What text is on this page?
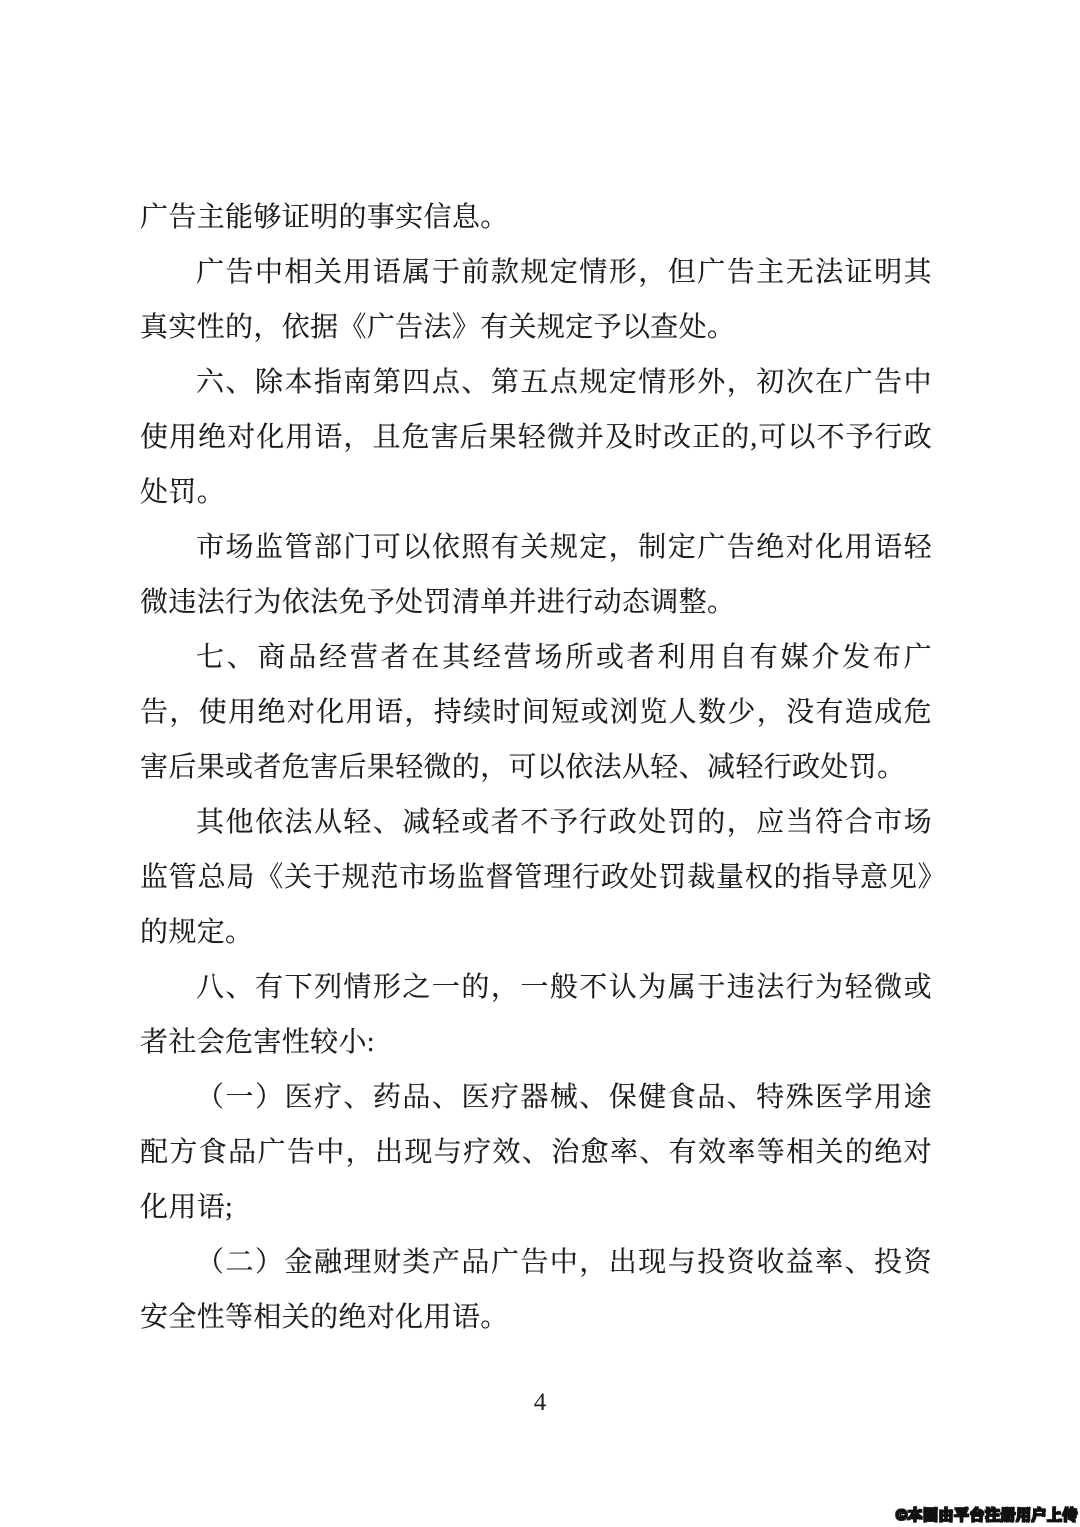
广告主能够证明的事实信息。

广告中相关用语属于前款规定情形，但广告主无法证明其真实性的，依据《广告法》有关规定予以查处。

六、除本指南第四点、第五点规定情形外，初次在广告中使用绝对化用语，且危害后果轻微并及时改正的,可以不予行政处罚。

市场监管部门可以依照有关规定，制定广告绝对化用语轻微违法行为依法免予处罚清单并进行动态调整。

七、商品经营者在其经营场所或者利用自有媒介发布广告，使用绝对化用语，持续时间短或浏览人数少，没有造成危害后果或者危害后果轻微的，可以依法从轻、减轻行政处罚。

其他依法从轻、减轻或者不予行政处罚的，应当符合市场监管总局《关于规范市场监督管理行政处罚裁量权的指导意见》的规定。

八、有下列情形之一的，一般不认为属于违法行为轻微或者社会危害性较小:

（一）医疗、药品、医疗器械、保健食品、特殊医学用途配方食品广告中，出现与疗效、治愈率、有效率等相关的绝对化用语;

（二）金融理财类产品广告中，出现与投资收益率、投资安全性等相关的绝对化用语。

4
©本图由平台注册用户上传
